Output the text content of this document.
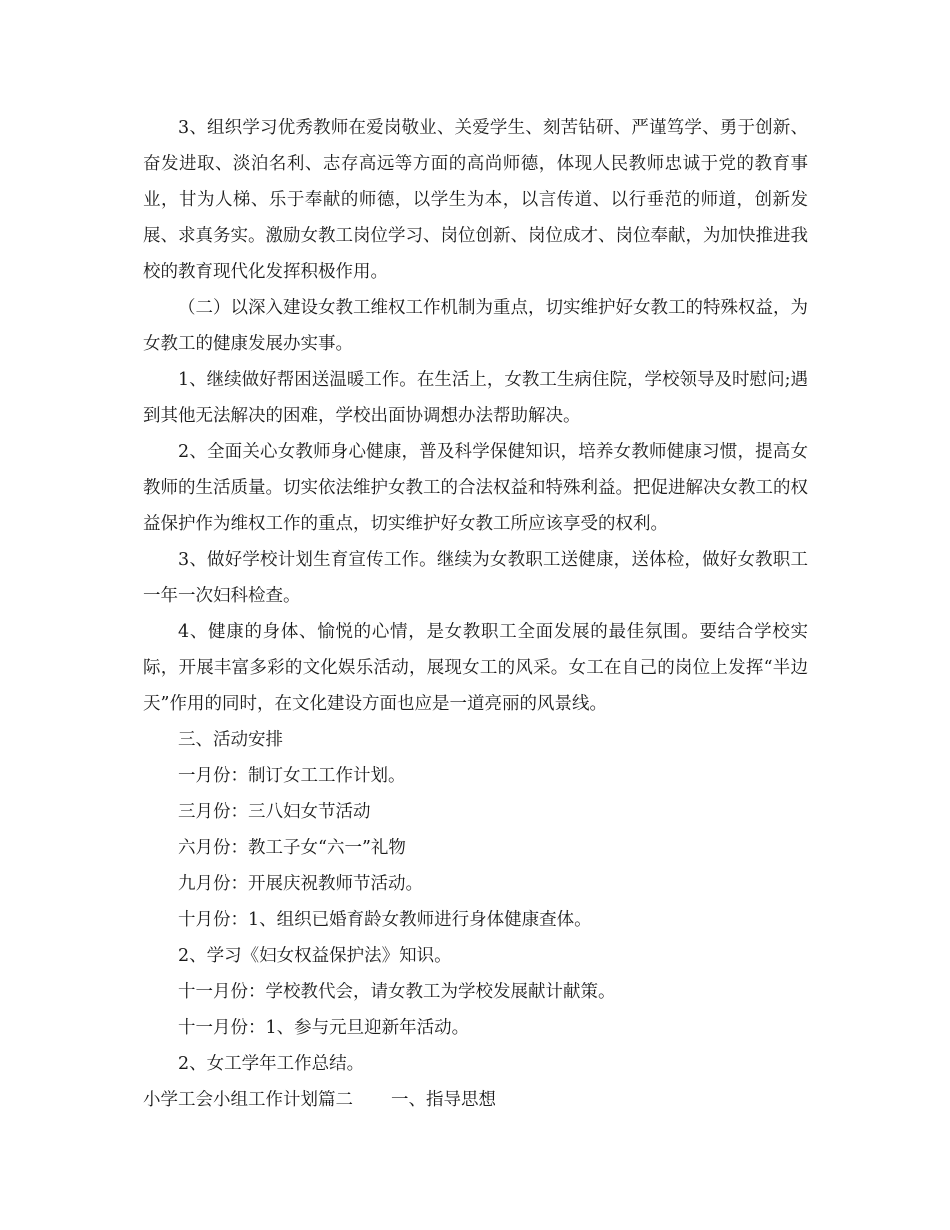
3、组织学习优秀教师在爱岗敬业、关爱学生、刻苦钻研、严谨笃学、勇于创新、奋发进取、淡泊名利、志存高远等方面的高尚师德，体现人民教师忠诚于党的教育事业，甘为人梯、乐于奉献的师德，以学生为本，以言传道、以行垂范的师道，创新发展、求真务实。激励女教工岗位学习、岗位创新、岗位成才、岗位奉献，为加快推进我校的教育现代化发挥积极作用。

（二）以深入建设女教工维权工作机制为重点，切实维护好女教工的特殊权益，为女教工的健康发展办实事。

1、继续做好帮困送温暖工作。在生活上，女教工生病住院，学校领导及时慰问;遇到其他无法解决的困难，学校出面协调想办法帮助解决。

2、全面关心女教师身心健康，普及科学保健知识，培养女教师健康习惯，提高女教师的生活质量。切实依法维护女教工的合法权益和特殊利益。把促进解决女教工的权益保护作为维权工作的重点，切实维护好女教工所应该享受的权利。

3、做好学校计划生育宣传工作。继续为女教职工送健康，送体检，做好女教职工一年一次妇科检查。

4、健康的身体、愉悦的心情，是女教职工全面发展的最佳氛围。要结合学校实际，开展丰富多彩的文化娱乐活动，展现女工的风采。女工在自己的岗位上发挥“半边天”作用的同时，在文化建设方面也应是一道亮丽的风景线。

三、活动安排

一月份：制订女工工作计划。

三月份：三八妇女节活动

六月份：教工子女“六一”礼物

九月份：开展庆祝教师节活动。

十月份：1、组织已婚育龄女教师进行身体健康查体。

2、学习《妇女权益保护法》知识。

十一月份：学校教代会，请女教工为学校发展献计献策。

十一月份：1、参与元旦迎新年活动。

2、女工学年工作总结。

小学工会小组工作计划篇二 一、指导思想
